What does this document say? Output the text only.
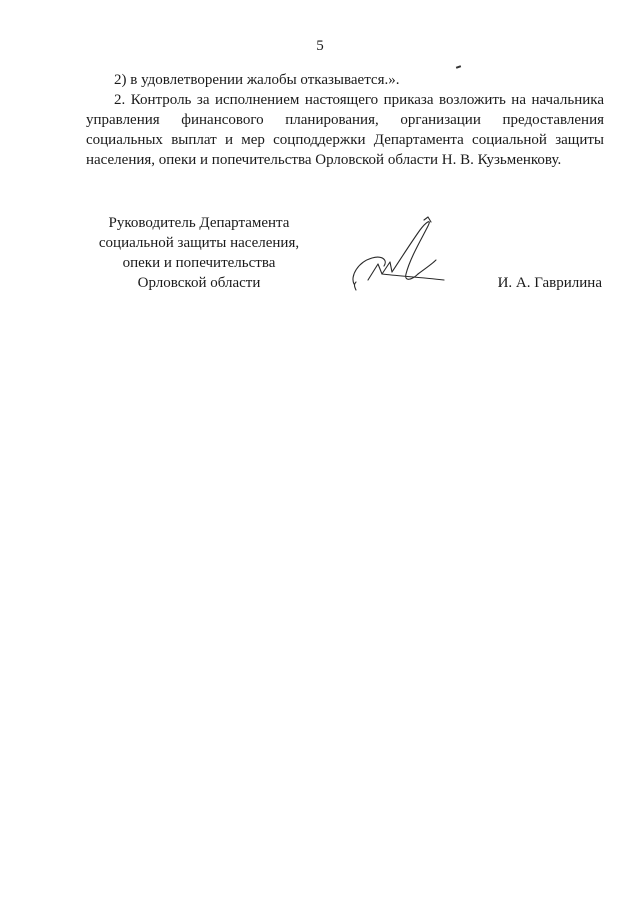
5

2) в удовлетворении жалобы отказывается.».

2. Контроль за исполнением настоящего приказа возложить на начальника управления финансового планирования, организации предоставления социальных выплат и мер соцподдержки Департамента социальной защиты населения, опеки и попечительства Орловской области Н. В. Кузьменкову.

Руководитель Департамента
социальной защиты населения,
опеки и попечительства
Орловской области	И. А. Гаврилина
